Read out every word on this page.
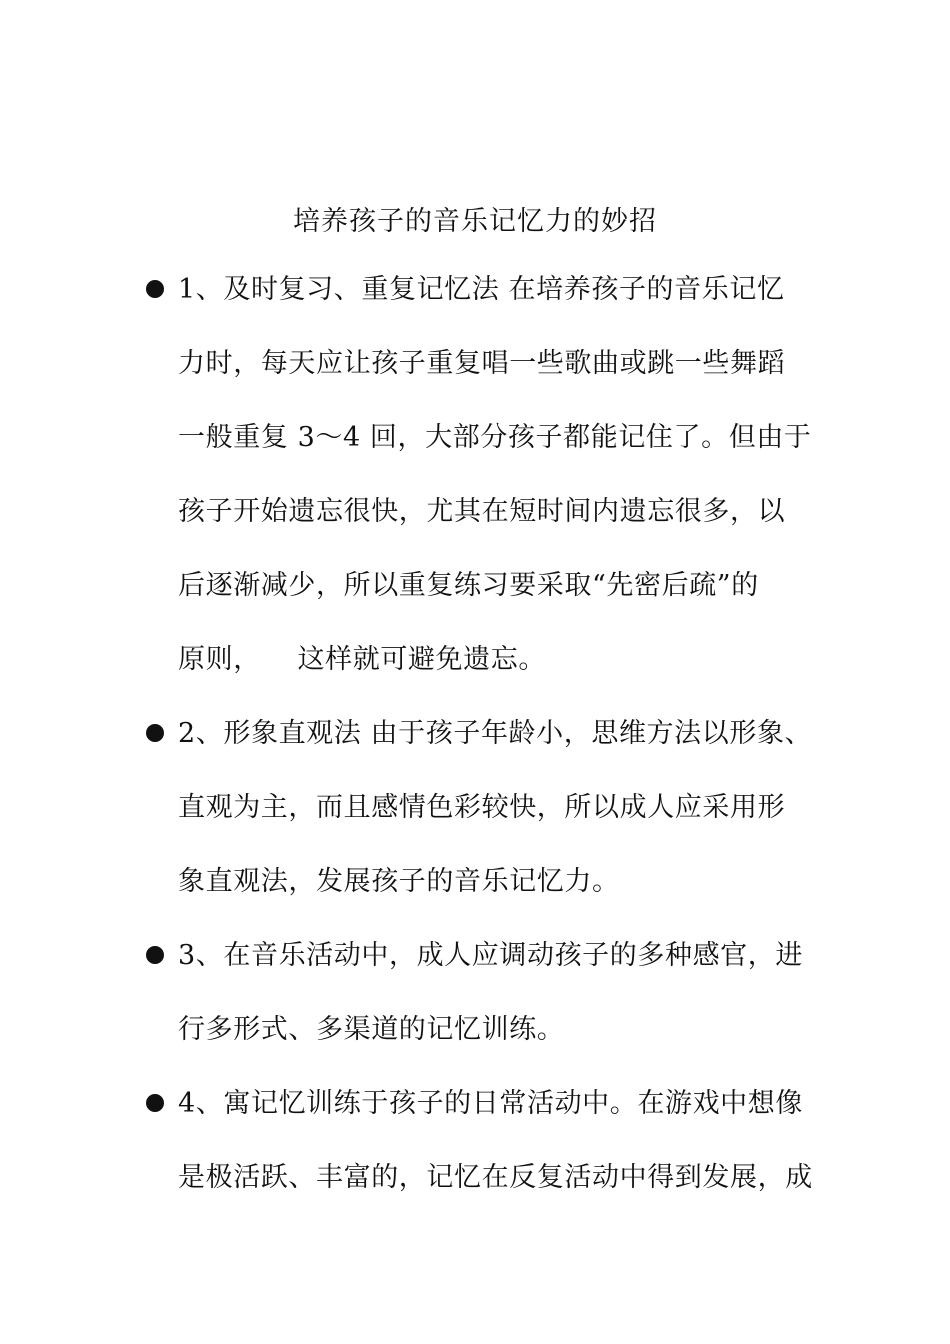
培养孩子的音乐记忆力的妙招
1、及时复习、重复记忆法 在培养孩子的音乐记忆
力时，每天应让孩子重复唱一些歌曲或跳一些舞蹈
一般重复 3～4 回，大部分孩子都能记住了。但由于
孩子开始遗忘很快，尤其在短时间内遗忘很多，以
后逐渐减少，所以重复练习要采取“先密后疏”的
原则，    这样就可避免遗忘。
2、形象直观法 由于孩子年龄小，思维方法以形象、
直观为主，而且感情色彩较快，所以成人应采用形
象直观法，发展孩子的音乐记忆力。
3、在音乐活动中，成人应调动孩子的多种感官，进
行多形式、多渠道的记忆训练。
4、寓记忆训练于孩子的日常活动中。在游戏中想像
是极活跃、丰富的，记忆在反复活动中得到发展，成
